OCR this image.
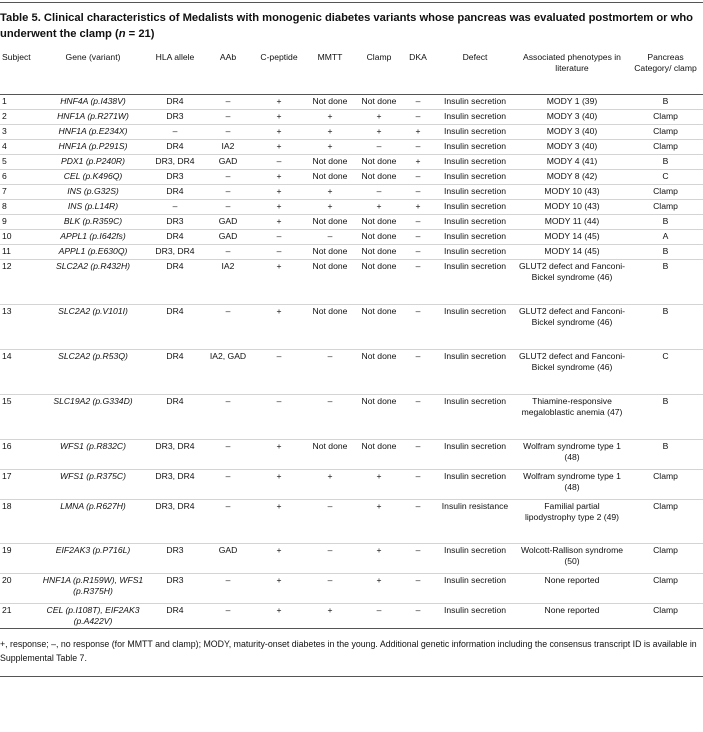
Table 5. Clinical characteristics of Medalists with monogenic diabetes variants whose pancreas was evaluated postmortem or who underwent the clamp (n = 21)
Subject	Gene (variant)	HLA allele	AAb	C-peptide	MMTT	Clamp	DKA	Defect	Associated phenotypes in literature	Pancreas Category/ clamp
1	HNF4A (p.I438V)	DR4	–	+	Not done	Not done	–	Insulin secretion	MODY 1 (39)	B
2	HNF1A (p.R271W)	DR3	–	+	+	+	–	Insulin secretion	MODY 3 (40)	Clamp
3	HNF1A (p.E234X)	–	–	+	+	+	+	Insulin secretion	MODY 3 (40)	Clamp
4	HNF1A (p.P291S)	DR4	IA2	+	+	–	–	Insulin secretion	MODY 3 (40)	Clamp
5	PDX1 (p.P240R)	DR3, DR4	GAD	–	Not done	Not done	+	Insulin secretion	MODY 4 (41)	B
6	CEL (p.K496Q)	DR3	–	+	Not done	Not done	–	Insulin secretion	MODY 8 (42)	C
7	INS (p.G32S)	DR4	–	+	+	–	–	Insulin secretion	MODY 10 (43)	Clamp
8	INS (p.L14R)	–	–	+	+	+	+	Insulin secretion	MODY 10 (43)	Clamp
9	BLK (p.R359C)	DR3	GAD	+	Not done	Not done	–	Insulin secretion	MODY 11 (44)	B
10	APPL1 (p.I642fs)	DR4	GAD	–	–	Not done	–	Insulin secretion	MODY 14 (45)	A
11	APPL1 (p.E630Q)	DR3, DR4	–	–	Not done	Not done	–	Insulin secretion	MODY 14 (45)	B
12	SLC2A2 (p.R432H)	DR4	IA2	+	Not done	Not done	–	Insulin secretion	GLUT2 defect and Fanconi-Bickel syndrome (46)	B
13	SLC2A2 (p.V101I)	DR4	–	+	Not done	Not done	–	Insulin secretion	GLUT2 defect and Fanconi-Bickel syndrome (46)	B
14	SLC2A2 (p.R53Q)	DR4	IA2, GAD	–	–	Not done	–	Insulin secretion	GLUT2 defect and Fanconi-Bickel syndrome (46)	C
15	SLC19A2 (p.G334D)	DR4	–	–	–	Not done	–	Insulin secretion	Thiamine-responsive megaloblastic anemia (47)	B
16	WFS1 (p.R832C)	DR3, DR4	–	+	Not done	Not done	–	Insulin secretion	Wolfram syndrome type 1 (48)	B
17	WFS1 (p.R375C)	DR3, DR4	–	+	+	+	–	Insulin secretion	Wolfram syndrome type 1 (48)	Clamp
18	LMNA (p.R627H)	DR3, DR4	–	+	–	+	–	Insulin resistance	Familial partial lipodystrophy type 2 (49)	Clamp
19	EIF2AK3 (p.P716L)	DR3	GAD	+	–	+	–	Insulin secretion	Wolcott-Rallison syndrome (50)	Clamp
20	HNF1A (p.R159W), WFS1 (p.R375H)	DR3	–	+	–	+	–	Insulin secretion	None reported	Clamp
21	CEL (p.I108T), EIF2AK3 (p.A422V)	DR4	–	+	+	–	–	Insulin secretion	None reported	Clamp
+, response; –, no response (for MMTT and clamp); MODY, maturity-onset diabetes in the young. Additional genetic information including the consensus transcript ID is available in Supplemental Table 7.
